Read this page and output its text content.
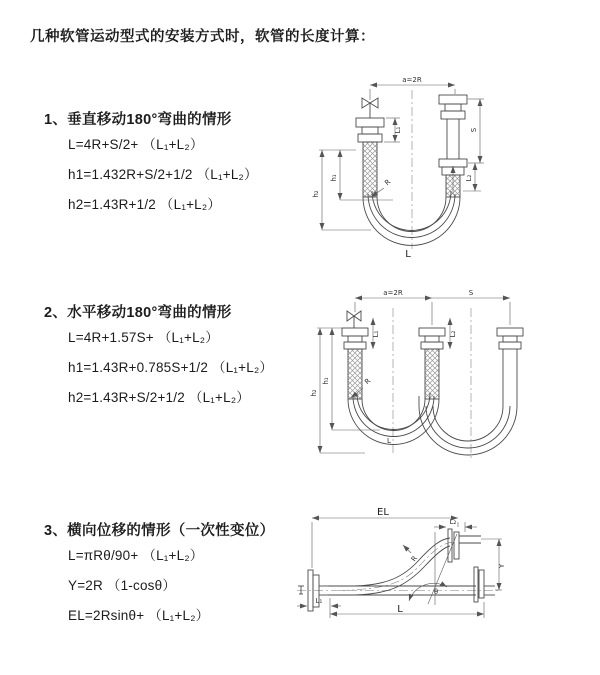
几种软管运动型式的安装方式时，软管的长度计算：
1、垂直移动180°弯曲的情形
L=4R+S/2+ （L₁+L₂）
h1=1.432R+S/2+1/2 （L₁+L₂）
h2=1.43R+1/2 （L₁+L₂）
2、水平移动180°弯曲的情形
L=4R+1.57S+ （L₁+L₂）
h1=1.43R+0.785S+1/2 （L₁+L₂）
h2=1.43R+S/2+1/2 （L₁+L₂）
3、横向位移的情形（一次性变位）
L=πRθ/90+ （L₁+L₂）
Y=2R （1-cosθ）
EL=2Rsinθ+ （L₁+L₂）
a=2R
h₁
h₂
L₁	S
L₂
R
L
a=2R	S
h₁
h₂
L₁	L₂
R
L
EL
L₂
Y
θ
R
L₁
L
